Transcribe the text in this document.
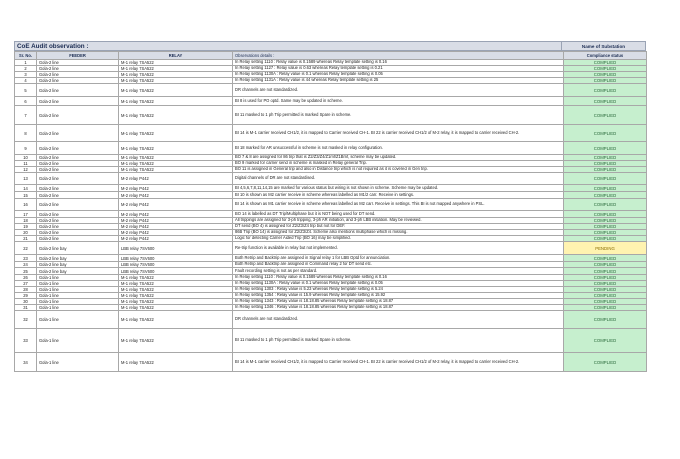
CoE Audit observation :	Name of Substation
Sr. No.	FEEDER	RELAY	Observations details :	Compliance status
1	Gola-2 line	M-1 relay 7SA522	In Relay setting 1110 : Relay value is 0.1589 whereas Relay template setting is 0.16	COMPLIED
2	Gola-2 line	M-1 relay 7SA522	In Relay setting 1127 : Relay value is 0.63 whereas Relay template setting is 0.21	COMPLIED
3	Gola-2 line	M-1 relay 7SA522	In Relay setting 1130A : Relay value is 0.1 whereas Relay template setting is 0.05	COMPLIED
4	Gola-2 line	M-1 relay 7SA522	In Relay setting 1131A : Relay value is 44 whereas Relay template setting is 25	COMPLIED
5	Gola-2 line	M-1 relay 7SA522	DR channels are not standardized.	COMPLIED
6	Gola-2 line	M-1 relay 7SA522	BI 8 is used for PO optd. Same may be updated in scheme.	COMPLIED
7	Gola-2 line	M-1 relay 7SA522	BI 11 masked to 1 ph Trip permitted is marked Spare in scheme.	COMPLIED
8	Gola-2 line	M-1 relay 7SA522	BI 14 is M-1 carrier received CH1/2, it is mapped to Carrier received CH-1. BI 22 is carrier received CH1/2 of M-2 relay, it is mapped to carrier received CH-2.	COMPLIED
9	Gola-2 line	M-1 relay 7SA522	BI 18 marked for AR unsuccessful in scheme is not masked in relay configuration.	COMPLIED
10	Gola-2 line	M-1 relay 7SA522	BO 7 & 8 are assigned for 86 trip that is Z2/Z3/Z4/Z1mf/Z1Bmf, scheme may be updated.	COMPLIED
11	Gola-2 line	M-1 relay 7SA522	BO 9 marked for carrier send in scheme is masked in Relay general Trip.	COMPLIED
12	Gola-2 line	M-1 relay 7SA522	BO 11 is assigned in General trip and also in Distance trip which is not required as it is covered in Gen trip.	COMPLIED
13	Gola-2 line	M-2 relay P442	Digital channels of DR are not standardised.	COMPLIED
14	Gola-2 line	M-2 relay P442	BI 4,5,6,7,8,11,14,15 are marked for various status but wiring is not shown in scheme. Scheme may be updated.	COMPLIED
15	Gola-2 line	M-2 relay P442	BI 10 is shown as M2 carrier receive in scheme whereas labelled as M1/2 carr. Receive in settings.	COMPLIED
16	Gola-2 line	M-2 relay P442	BI 14 is shown as M1 carrier receive in scheme whereas labelled as M2 carr. Receive in settings. This BI is not mapped anywhere in PSL.	COMPLIED
17	Gola-2 line	M-2 relay P442	BO 14 is labelled as DT Trip/Multiphase but it is NOT being used for DT send.	COMPLIED
18	Gola-2 line	M-2 relay P442	All trippings are assigned for 3-ph tripping, 3-ph AR initiation, and 3-ph LBB initiation. May be reviewed.	COMPLIED
19	Gola-2 line	M-2 relay P442	DT send (BO 4) is assigned for Z2/Z3/Z4 trip but not for DEF.	COMPLIED
20	Gola-2 line	M-2 relay P442	86B Trip (BO 14) is assigned for Z2/Z3/Z4. Scheme also mentions multiphase which is missing.	COMPLIED
21	Gola-2 line	M-2 relay P442	Logic for detecting Carrier Aided Trip (BO 16) may be simplified.	COMPLIED
22	Gola-2 line bay	LBB relay 7SV600	Re-trip function is available in relay but not implemented.	PENDING
23	Gola-2 line bay	LBB relay 7SV600	Both Retrip and Backtrip are assigned in Signal relay 1 for LBB Optd for annunciation.	COMPLIED
24	Gola-2 line bay	LBB relay 7SV600	Both Retrip and Backtrip are assigned in Command relay 2 for DT send etc.	COMPLIED
25	Gola-2 line bay	LBB relay 7SV600	Fault recording setting is not as per standard.	COMPLIED
26	Gola-1 line	M-1 relay 7SA522	In Relay setting 1110 : Relay value is 0.1589 whereas Relay template setting is 0.16	COMPLIED
27	Gola-1 line	M-1 relay 7SA522	In Relay setting 1130A : Relay value is 0.1 whereas Relay template setting is 0.05	COMPLIED
28	Gola-1 line	M-1 relay 7SA522	In Relay setting 1303 : Relay value is 5.23 whereas Relay template setting is 5.24	COMPLIED
29	Gola-1 line	M-1 relay 7SA522	In Relay setting 1354 : Relay value is 15.9 whereas Relay template setting is 15.92	COMPLIED
30	Gola-1 line	M-1 relay 7SA522	In Relay setting 1343 : Relay value is 18.18.85 whereas Relay template setting is 18.87	COMPLIED
31	Gola-1 line	M-1 relay 7SA522	In Relay setting 1346 : Relay value is 18.18.85 whereas Relay template setting is 18.87	COMPLIED
32	Gola-1 line	M-1 relay 7SA522	DR channels are not standardized.	COMPLIED
33	Gola-1 line	M-1 relay 7SA522	BI 11 masked to 1 ph Trip permitted is marked Spare in scheme.	COMPLIED
34	Gola-1 line	M-1 relay 7SA522	BI 14 is M-1 carrier received CH1/2, it is mapped to Carrier received CH-1. BI 22 is carrier received CH1/2 of M-2 relay, it is mapped to carrier received CH-2.	COMPLIED
